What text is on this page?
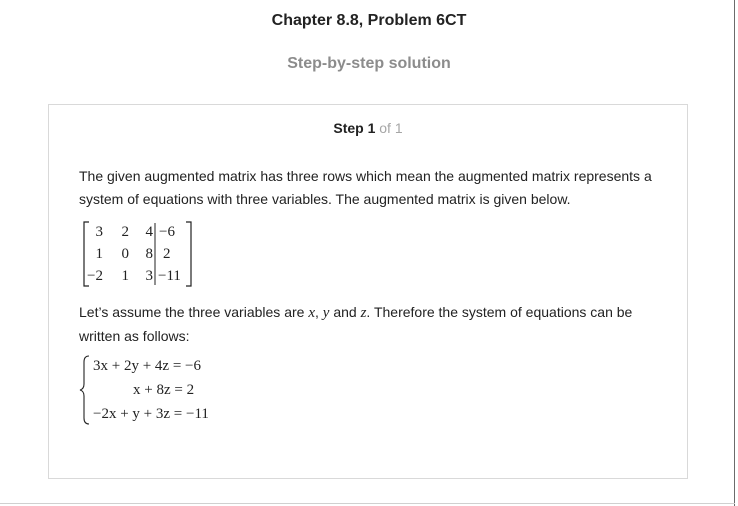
Chapter 8.8, Problem 6CT
Step-by-step solution
Step 1 of 1
The given augmented matrix has three rows which mean the augmented matrix represents a system of equations with three variables. The augmented matrix is given below.
3	2	4 −6
1	0	8 2
−2	1	3 −11
Let’s assume the three variables are x, y and z. Therefore the system of equations can be written as follows:
3x + 2y + 4z = −6
x + 8z = 2
−2x + y + 3z = −11
